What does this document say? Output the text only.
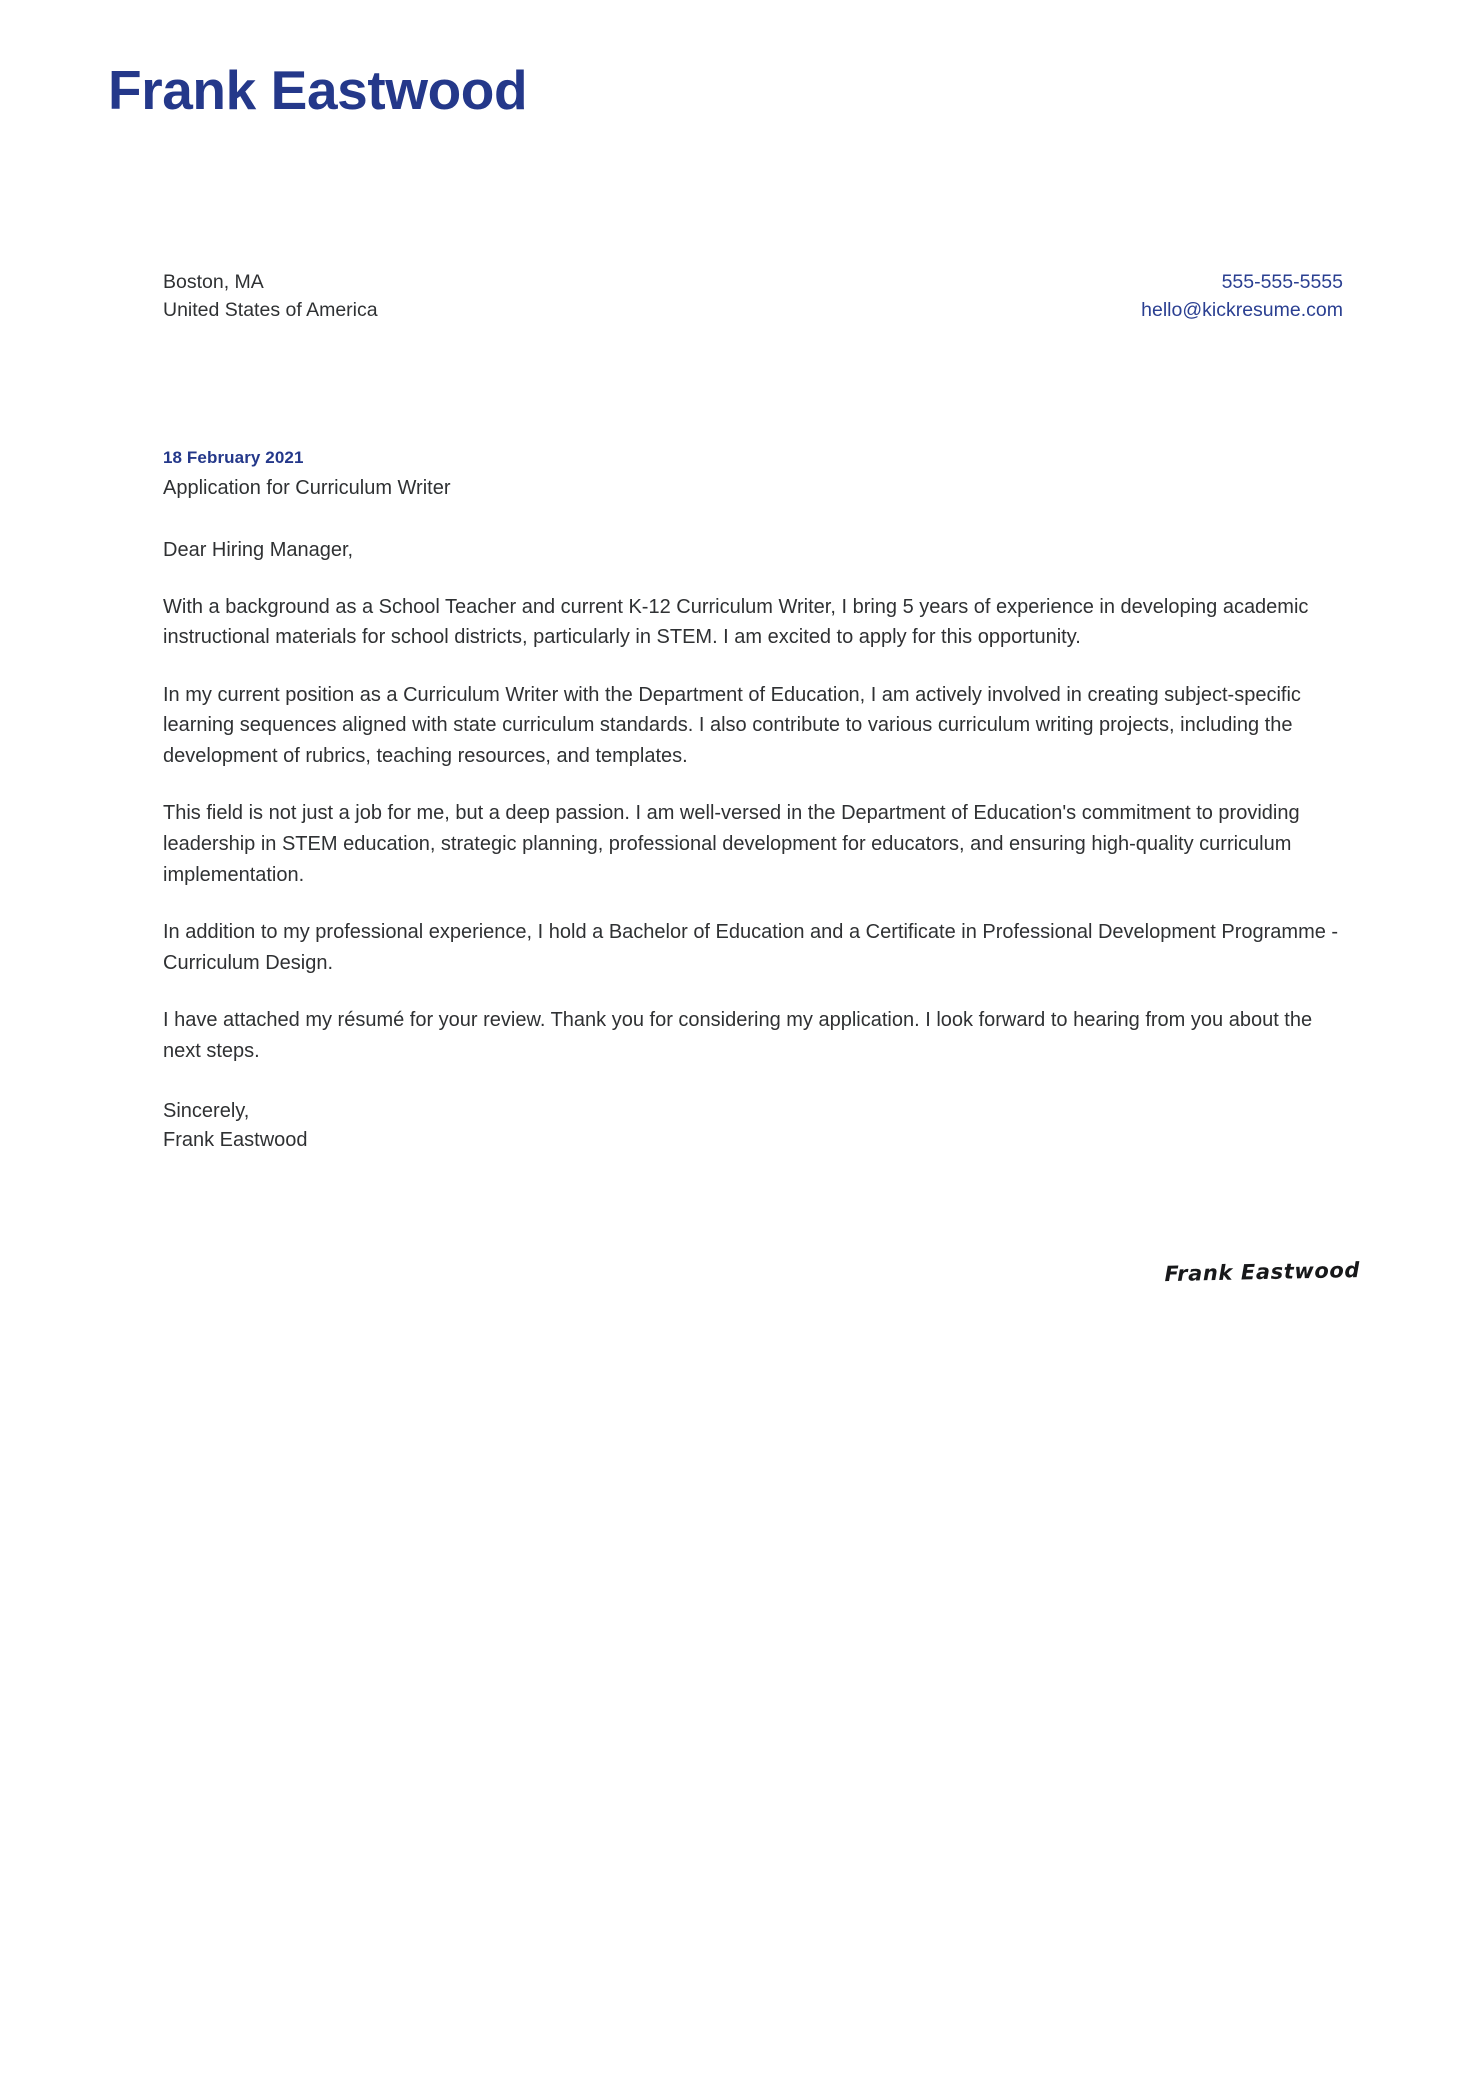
Frank Eastwood
Boston, MA
United States of America
555-555-5555
hello@kickresume.com

18 February 2021

Application for Curriculum Writer

Dear Hiring Manager,

With a background as a School Teacher and current K-12 Curriculum Writer, I bring 5 years of experience in developing academic instructional materials for school districts, particularly in STEM. I am excited to apply for this opportunity.

In my current position as a Curriculum Writer with the Department of Education, I am actively involved in creating subject-specific learning sequences aligned with state curriculum standards. I also contribute to various curriculum writing projects, including the development of rubrics, teaching resources, and templates.

This field is not just a job for me, but a deep passion. I am well-versed in the Department of Education's commitment to providing leadership in STEM education, strategic planning, professional development for educators, and ensuring high-quality curriculum implementation.

In addition to my professional experience, I hold a Bachelor of Education and a Certificate in Professional Development Programme - Curriculum Design.

I have attached my résumé for your review. Thank you for considering my application. I look forward to hearing from you about the next steps.

Sincerely,
Frank Eastwood
Frank Eastwood
